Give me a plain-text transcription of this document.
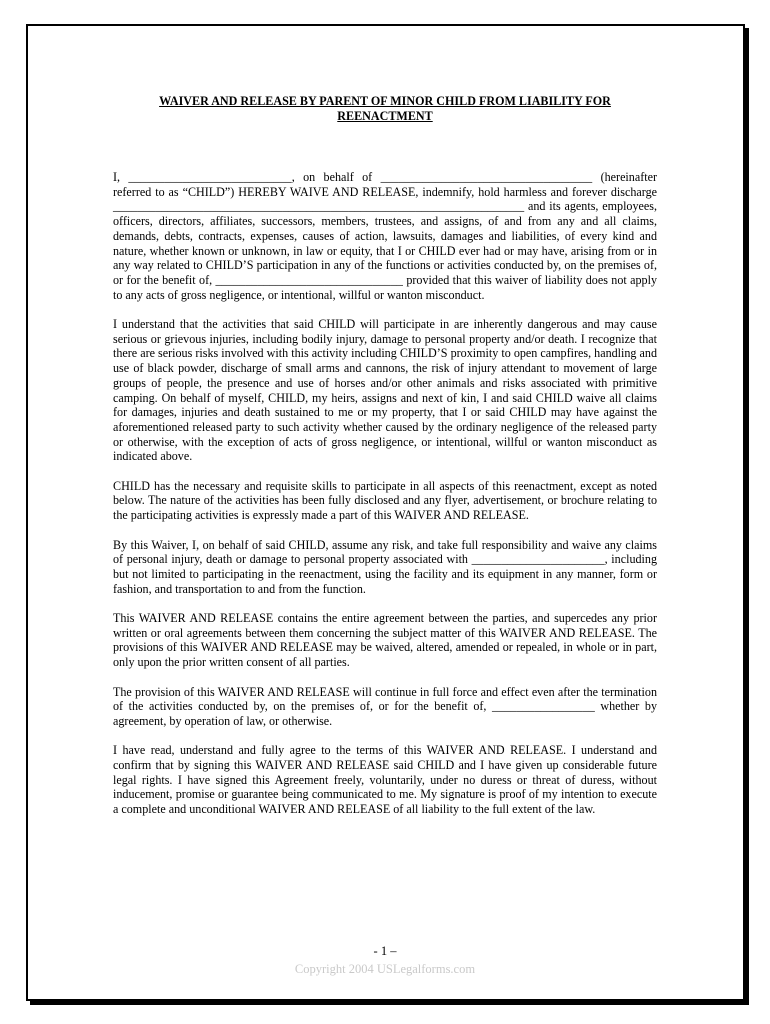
WAIVER AND RELEASE BY PARENT OF MINOR CHILD FROM LIABILITY FOR REENACTMENT

I, ___________________________, on behalf of ___________________________________ (hereinafter referred to as “CHILD”) HEREBY WAIVE AND RELEASE, indemnify, hold harmless and forever discharge ____________________________________________________________________ and its agents, employees, officers, directors, affiliates, successors, members, trustees, and assigns, of and from any and all claims, demands, debts, contracts, expenses, causes of action, lawsuits, damages and liabilities, of every kind and nature, whether known or unknown, in law or equity, that I or CHILD ever had or may have, arising from or in any way related to CHILD’S participation in any of the functions or activities conducted by, on the premises of, or for the benefit of, _______________________________ provided that this waiver of liability does not apply to any acts of gross negligence, or intentional, willful or wanton misconduct.

I understand that the activities that said CHILD will participate in are inherently dangerous and may cause serious or grievous injuries, including bodily injury, damage to personal property and/or death. I recognize that there are serious risks involved with this activity including CHILD’S proximity to open campfires, handling and use of black powder, discharge of small arms and cannons, the risk of injury attendant to movement of large groups of people, the presence and use of horses and/or other animals and risks associated with primitive camping. On behalf of myself, CHILD, my heirs, assigns and next of kin, I and said CHILD waive all claims for damages, injuries and death sustained to me or my property, that I or said CHILD may have against the aforementioned released party to such activity whether caused by the ordinary negligence of the released party or otherwise, with the exception of acts of gross negligence, or intentional, willful or wanton misconduct as indicated above.

CHILD has the necessary and requisite skills to participate in all aspects of this reenactment, except as noted below. The nature of the activities has been fully disclosed and any flyer, advertisement, or brochure relating to the participating activities is expressly made a part of this WAIVER AND RELEASE.

By this Waiver, I, on behalf of said CHILD, assume any risk, and take full responsibility and waive any claims of personal injury, death or damage to personal property associated with ______________________, including but not limited to participating in the reenactment, using the facility and its equipment in any manner, form or fashion, and transportation to and from the function.

This WAIVER AND RELEASE contains the entire agreement between the parties, and supercedes any prior written or oral agreements between them concerning the subject matter of this WAIVER AND RELEASE. The provisions of this WAIVER AND RELEASE may be waived, altered, amended or repealed, in whole or in part, only upon the prior written consent of all parties.

The provision of this WAIVER AND RELEASE will continue in full force and effect even after the termination of the activities conducted by, on the premises of, or for the benefit of, _________________ whether by agreement, by operation of law, or otherwise.

I have read, understand and fully agree to the terms of this WAIVER AND RELEASE. I understand and confirm that by signing this WAIVER AND RELEASE said CHILD and I have given up considerable future legal rights. I have signed this Agreement freely, voluntarily, under no duress or threat of duress, without inducement, promise or guarantee being communicated to me. My signature is proof of my intention to execute a complete and unconditional WAIVER AND RELEASE of all liability to the full extent of the law.

- 1 –
Copyright 2004 USLegalforms.com
